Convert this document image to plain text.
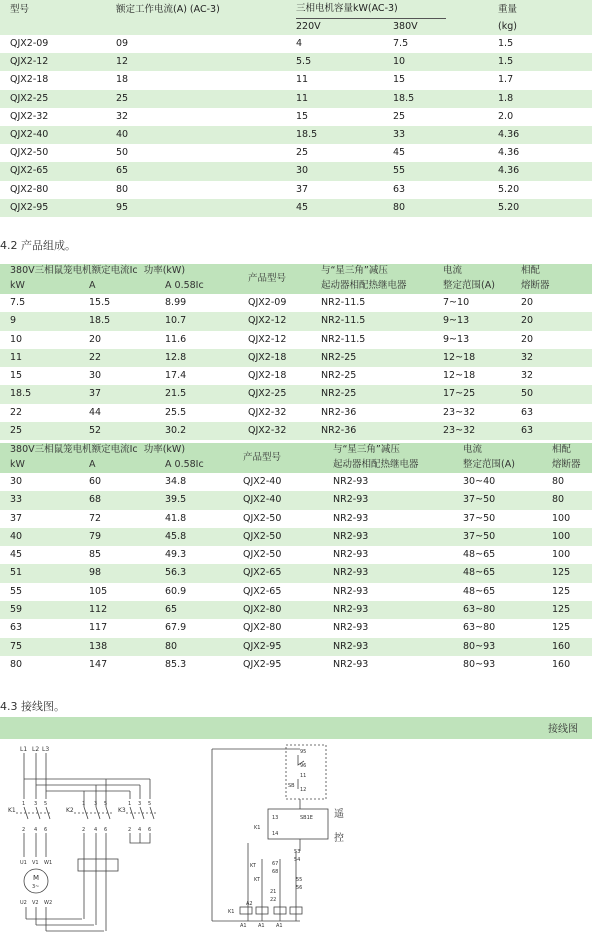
型号	额定工作电流(A) (AC-3)	三相电机容量kW(AC-3)		重量
		220V	380V	(kg)
QJX2-09	09	4	7.5	1.5
QJX2-12	12	5.5	10	1.5
QJX2-18	18	11	15	1.7
QJX2-25	25	11	18.5	1.8
QJX2-32	32	15	25	2.0
QJX2-40	40	18.5	33	4.36
QJX2-50	50	25	45	4.36
QJX2-65	65	30	55	4.36
QJX2-80	80	37	63	5.20
QJX2-95	95	45	80	5.20
4.2 产品组成。
380V三相鼠笼电机额定电流Ic 功率(kW)			产品型号	与“星三角”减压	电流	相配
kW	A	A 0.58Ic		起动器相配热继电器	整定范围(A)	熔断器
7.5	15.5	8.99	QJX2-09	NR2-11.5	7~10	20
9	18.5	10.7	QJX2-12	NR2-11.5	9~13	20
10	20	11.6	QJX2-12	NR2-11.5	9~13	20
11	22	12.8	QJX2-18	NR2-25	12~18	32
15	30	17.4	QJX2-18	NR2-25	12~18	32
18.5	37	21.5	QJX2-25	NR2-25	17~25	50
22	44	25.5	QJX2-32	NR2-36	23~32	63
25	52	30.2	QJX2-32	NR2-36	23~32	63
380V三相鼠笼电机额定电流Ic 功率(kW)			产品型号	与“星三角”减压	电流	相配
kW	A	A 0.58Ic		起动器相配热继电器	整定范围(A)	熔断器
30	60	34.8	QJX2-40	NR2-93	30~40	80
33	68	39.5	QJX2-40	NR2-93	37~50	80
37	72	41.8	QJX2-50	NR2-93	37~50	100
40	79	45.8	QJX2-50	NR2-93	37~50	100
45	85	49.3	QJX2-50	NR2-93	48~65	100
51	98	56.3	QJX2-65	NR2-93	48~65	125
55	105	60.9	QJX2-65	NR2-93	48~65	125
59	112	65	QJX2-80	NR2-93	63~80	125
63	117	67.9	QJX2-80	NR2-93	63~80	125
75	138	80	QJX2-95	NR2-93	80~93	160
80	147	85.3	QJX2-95	NR2-93	80~93	160
4.3 接线图。
接线图
L1 L2 L3
K1
1 3 5
2 4 6
U1 V1 W1
M
3~
U2 V2 W2
K2
1 3 5
2 4 6
K3
1 3 5
2 4 6
95
96
11
12
SB
13
14
SB1E
K1
遥
控
53
54
KT	67
68
KT	55
56
21
22
K1
A2
A1 A1 A1
